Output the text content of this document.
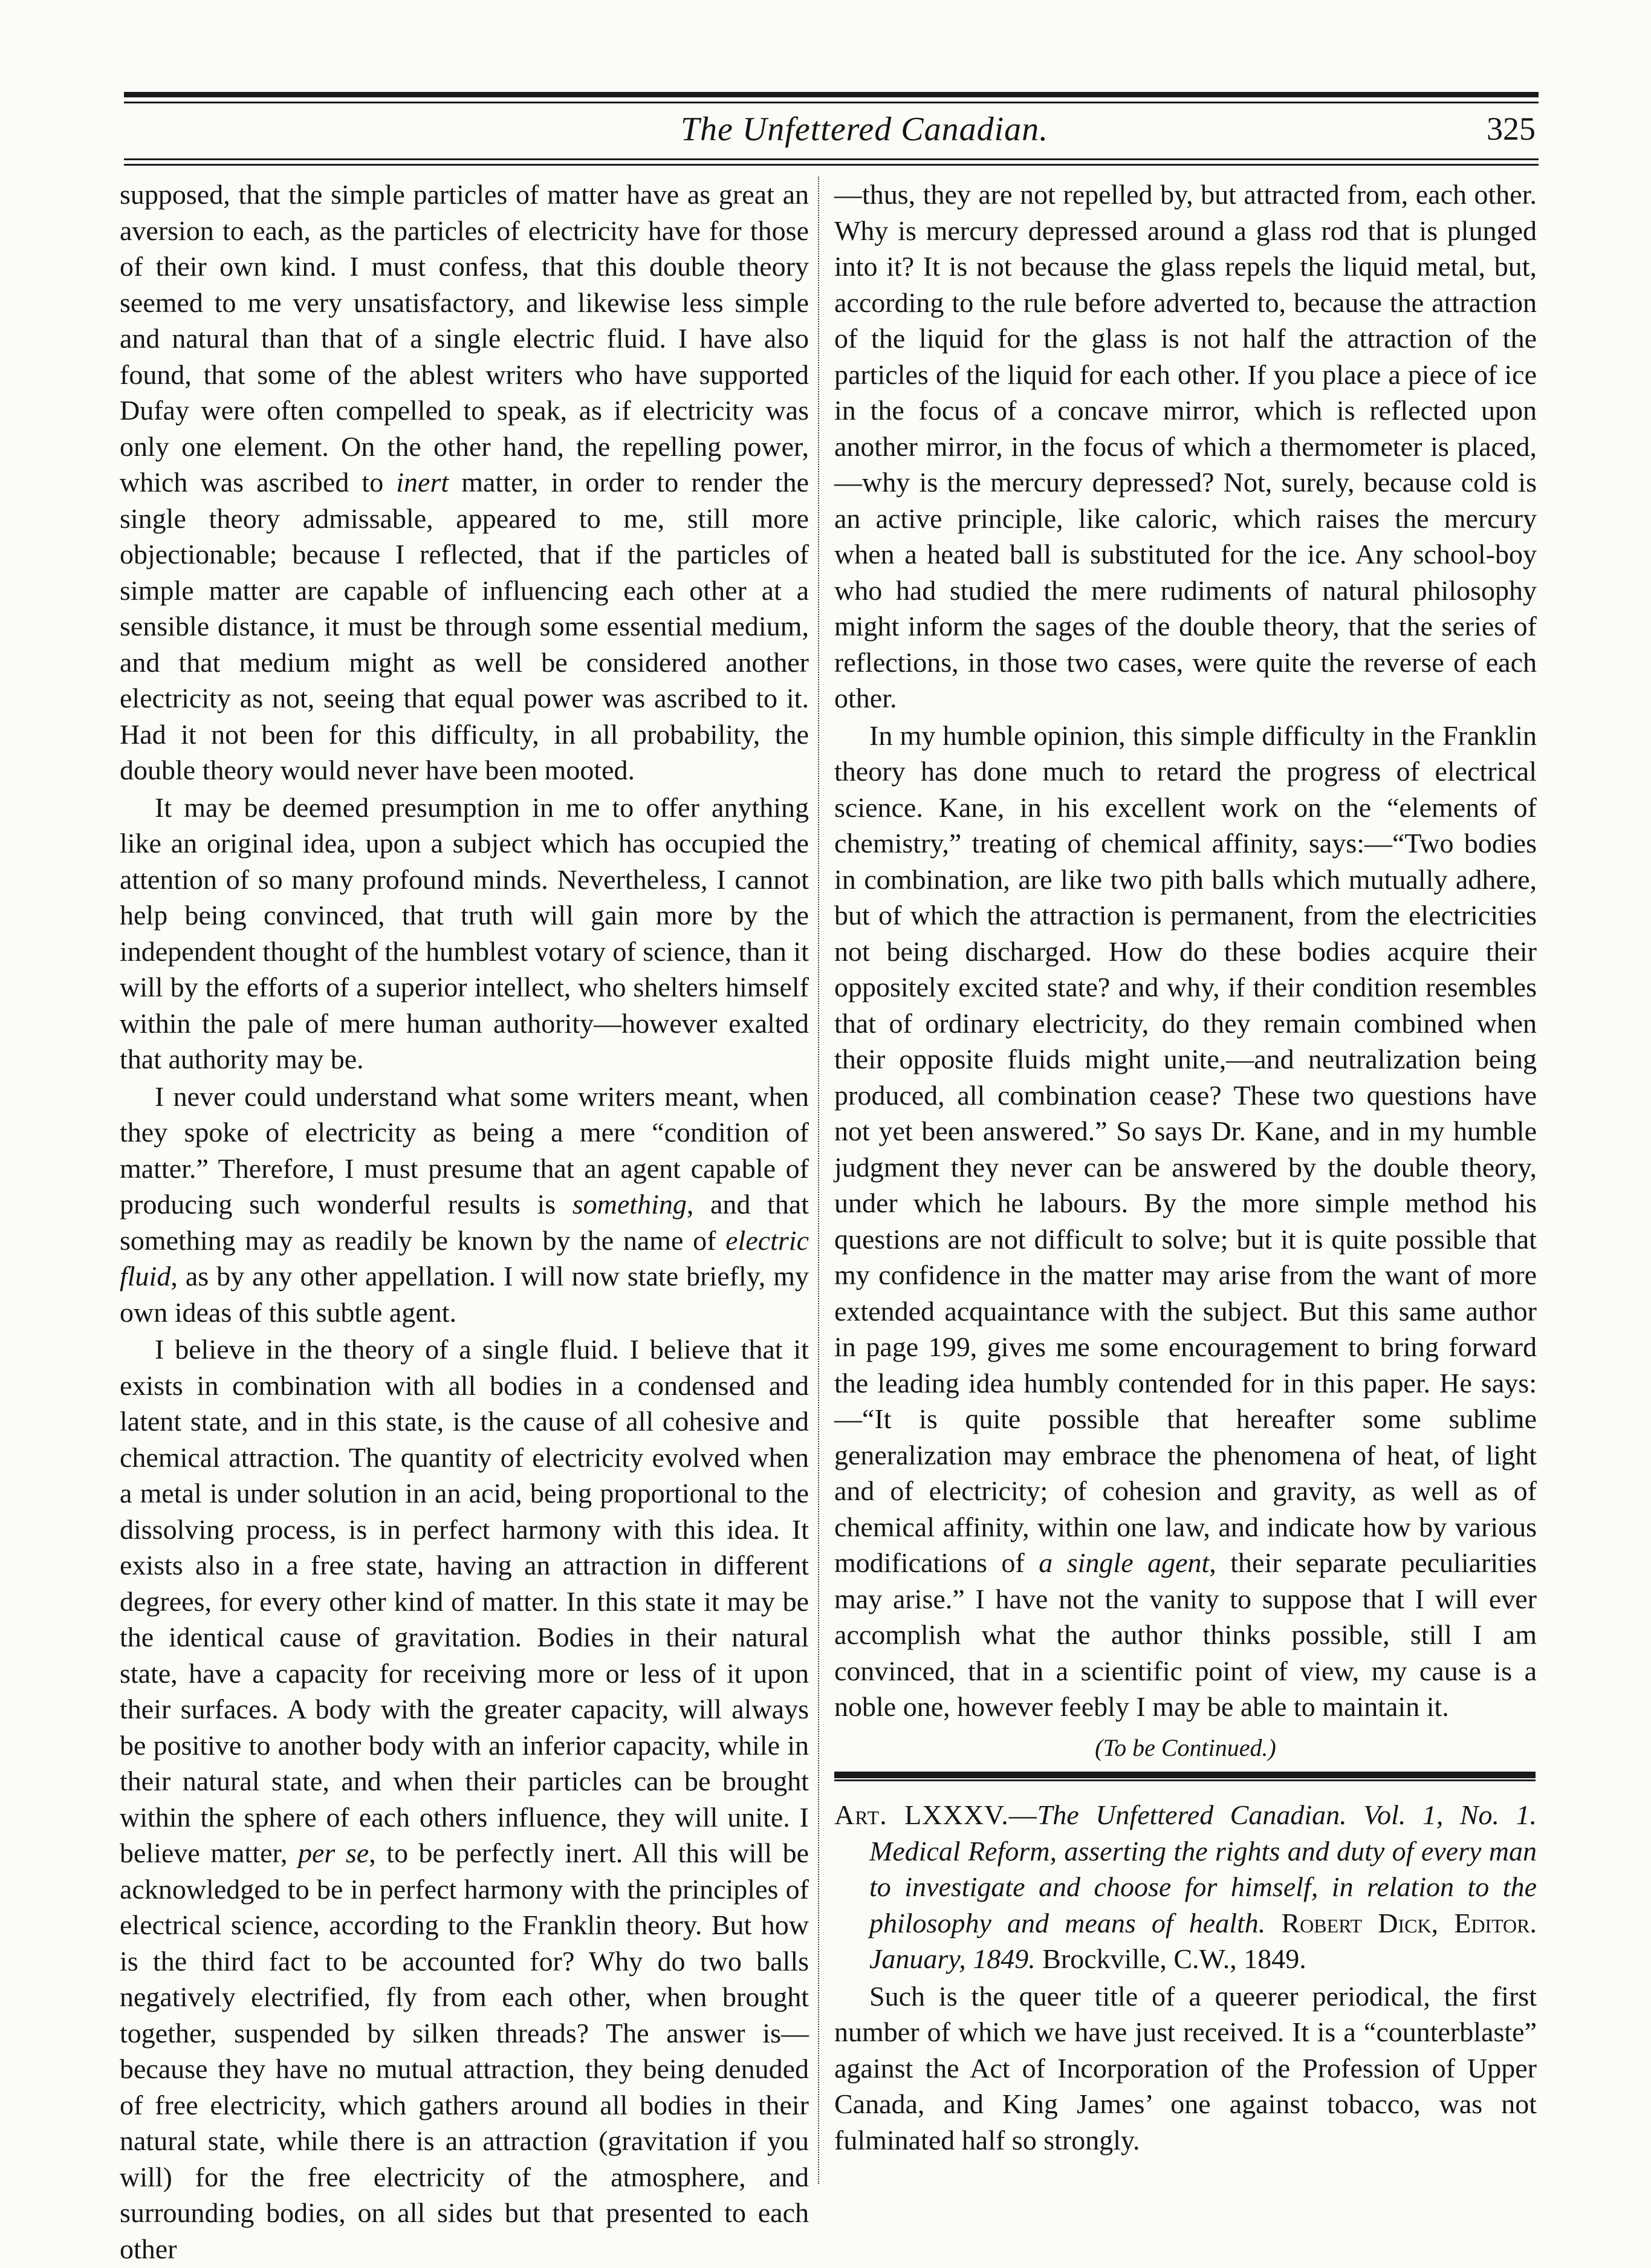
The Unfettered Canadian.	325

supposed, that the simple particles of matter have as great an aversion to each, as the particles of electricity have for those of their own kind. I must confess, that this double theory seemed to me very unsatisfactory, and likewise less simple and natural than that of a single electric fluid. I have also found, that some of the ablest writers who have supported Dufay were often compelled to speak, as if electricity was only one element. On the other hand, the repelling power, which was ascribed to inert matter, in order to render the single theory admissable, appeared to me, still more objectionable; because I reflected, that if the particles of simple matter are capable of influencing each other at a sensible distance, it must be through some essential medium, and that medium might as well be considered another electricity as not, seeing that equal power was ascribed to it. Had it not been for this difficulty, in all probability, the double theory would never have been mooted.

It may be deemed presumption in me to offer anything like an original idea, upon a subject which has occupied the attention of so many profound minds. Nevertheless, I cannot help being convinced, that truth will gain more by the independent thought of the humblest votary of science, than it will by the efforts of a superior intellect, who shelters himself within the pale of mere human authority—however exalted that authority may be.

I never could understand what some writers meant, when they spoke of electricity as being a mere “condition of matter.” Therefore, I must presume that an agent capable of producing such wonderful results is something, and that something may as readily be known by the name of electric fluid, as by any other appellation. I will now state briefly, my own ideas of this subtle agent.

I believe in the theory of a single fluid. I believe that it exists in combination with all bodies in a condensed and latent state, and in this state, is the cause of all cohesive and chemical attraction. The quantity of electricity evolved when a metal is under solution in an acid, being proportional to the dissolving process, is in perfect harmony with this idea. It exists also in a free state, having an attraction in different degrees, for every other kind of matter. In this state it may be the identical cause of gravitation. Bodies in their natural state, have a capacity for receiving more or less of it upon their surfaces. A body with the greater capacity, will always be positive to another body with an inferior capacity, while in their natural state, and when their particles can be brought within the sphere of each others influence, they will unite. I believe matter, per se, to be perfectly inert. All this will be acknowledged to be in perfect harmony with the principles of electrical science, according to the Franklin theory. But how is the third fact to be accounted for? Why do two balls negatively electrified, fly from each other, when brought together, suspended by silken threads? The answer is—because they have no mutual attraction, they being denuded of free electricity, which gathers around all bodies in their natural state, while there is an attraction (gravitation if you will) for the free electricity of the atmosphere, and surrounding bodies, on all sides but that presented to each other

—thus, they are not repelled by, but attracted from, each other. Why is mercury depressed around a glass rod that is plunged into it? It is not because the glass repels the liquid metal, but, according to the rule before adverted to, because the attraction of the liquid for the glass is not half the attraction of the particles of the liquid for each other. If you place a piece of ice in the focus of a concave mirror, which is reflected upon another mirror, in the focus of which a thermometer is placed,—why is the mercury depressed? Not, surely, because cold is an active principle, like caloric, which raises the mercury when a heated ball is substituted for the ice. Any school-boy who had studied the mere rudiments of natural philosophy might inform the sages of the double theory, that the series of reflections, in those two cases, were quite the reverse of each other.

In my humble opinion, this simple difficulty in the Franklin theory has done much to retard the progress of electrical science. Kane, in his excellent work on the “elements of chemistry,” treating of chemical affinity, says:—“Two bodies in combination, are like two pith balls which mutually adhere, but of which the attraction is permanent, from the electricities not being discharged. How do these bodies acquire their oppositely excited state? and why, if their condition resembles that of ordinary electricity, do they remain combined when their opposite fluids might unite,—and neutralization being produced, all combination cease? These two questions have not yet been answered.” So says Dr. Kane, and in my humble judgment they never can be answered by the double theory, under which he labours. By the more simple method his questions are not difficult to solve; but it is quite possible that my confidence in the matter may arise from the want of more extended acquaintance with the subject. But this same author in page 199, gives me some encouragement to bring forward the leading idea humbly contended for in this paper. He says:—“It is quite possible that hereafter some sublime generalization may embrace the phenomena of heat, of light and of electricity; of cohesion and gravity, as well as of chemical affinity, within one law, and indicate how by various modifications of a single agent, their separate peculiarities may arise.” I have not the vanity to suppose that I will ever accomplish what the author thinks possible, still I am convinced, that in a scientific point of view, my cause is a noble one, however feebly I may be able to maintain it.

(To be Continued.)

Art. LXXXV.—The Unfettered Canadian. Vol. 1, No. 1. Medical Reform, asserting the rights and duty of every man to investigate and choose for himself, in relation to the philosophy and means of health. Robert Dick, Editor. January, 1849. Brockville, C.W., 1849.

Such is the queer title of a queerer periodical, the first number of which we have just received. It is a “counterblaste” against the Act of Incorporation of the Profession of Upper Canada, and King James’ one against tobacco, was not fulminated half so strongly.
